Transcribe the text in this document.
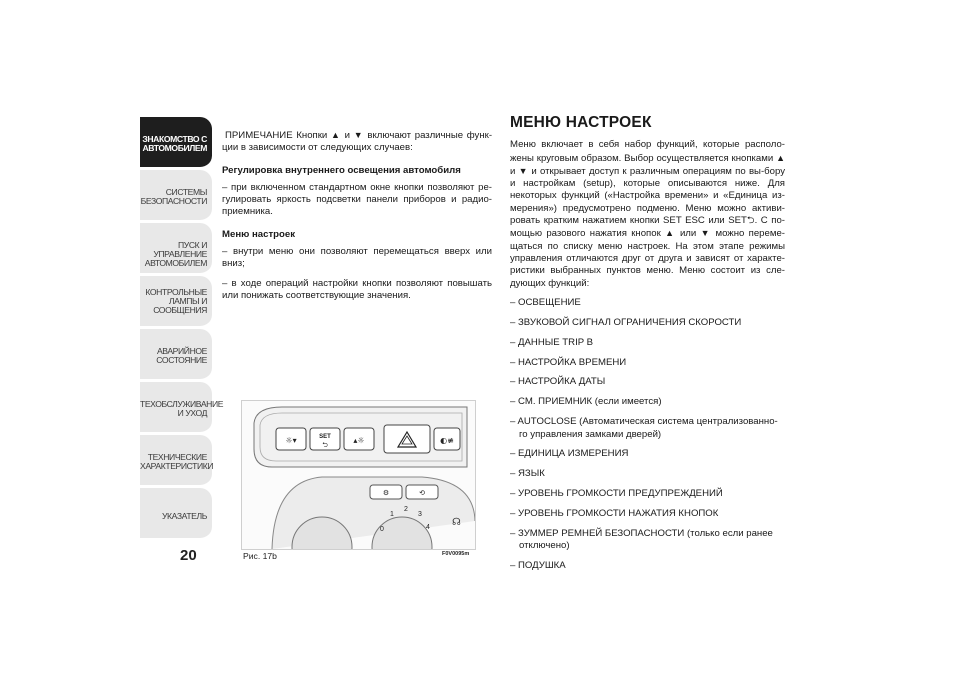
ЗНАКОМСТВО С
АВТОМОБИЛЕМ
СИСТЕМЫ
БЕЗОПАСНОСТИ
ПУСК И УПРАВЛЕНИЕ
АВТОМОБИЛЕМ
КОНТРОЛЬНЫЕ
ЛАМПЫ И
СООБЩЕНИЯ
АВАРИЙНОЕ
СОСТОЯНИЕ
ТЕХОБСЛУЖИВАНИЕ
И УХОД
ТЕХНИЧЕСКИЕ
ХАРАКТЕРИСТИКИ
УКАЗАТЕЛЬ
20

ПРИМЕЧАНИЕ Кнопки ▲ и ▼ включают различные функ-ции в зависимости от следующих случаев:

Регулировка внутреннего освещения автомобиля

– при включенном стандартном окне кнопки позволяют ре-гулировать яркость подсветки панели приборов и радио-приемника.

Меню настроек

– внутри меню они позволяют перемещаться вверх или вниз;

– в ходе операций настройки кнопки позволяют повышать или понижать соответствующие значения.

☼▾	SET
⮌	▴☼	◐≢
⚙	⟲
0
1
2
3
4 ☊
Рис. 17b	F0V0095m
МЕНЮ НАСТРОЕК

Меню включает в себя набор функций, которые располо-жены круговым образом. Выбор осуществляется кнопками ▲ и ▼ и открывает доступ к различным операциям по вы-бору и настройкам (setup), которые описываются ниже. Для некоторых функций («Настройка времени» и «Единица из-мерения») предусмотрено подменю. Меню можно активи-ровать кратким нажатием кнопки SET ESC или SET⮌. С по-мощью разового нажатия кнопок ▲ или ▼ можно переме-щаться по списку меню настроек. На этом этапе режимы управления отличаются друг от друга и зависят от характе-ристики выбранных пунктов меню. Меню состоит из сле-дующих функций:

– ОСВЕЩЕНИЕ
– ЗВУКОВОЙ СИГНАЛ ОГРАНИЧЕНИЯ СКОРОСТИ
– ДАННЫЕ TRIP B
– НАСТРОЙКА ВРЕМЕНИ
– НАСТРОЙКА ДАТЫ
– СМ. ПРИЕМНИК (если имеется)
– AUTOCLOSE (Автоматическая система централизованно-го управления замками дверей)
– ЕДИНИЦА ИЗМЕРЕНИЯ
– ЯЗЫК
– УРОВЕНЬ ГРОМКОСТИ ПРЕДУПРЕЖДЕНИЙ
– УРОВЕНЬ ГРОМКОСТИ НАЖАТИЯ КНОПОК
– ЗУММЕР РЕМНЕЙ БЕЗОПАСНОСТИ (только если ранее отключено)
– ПОДУШКА
